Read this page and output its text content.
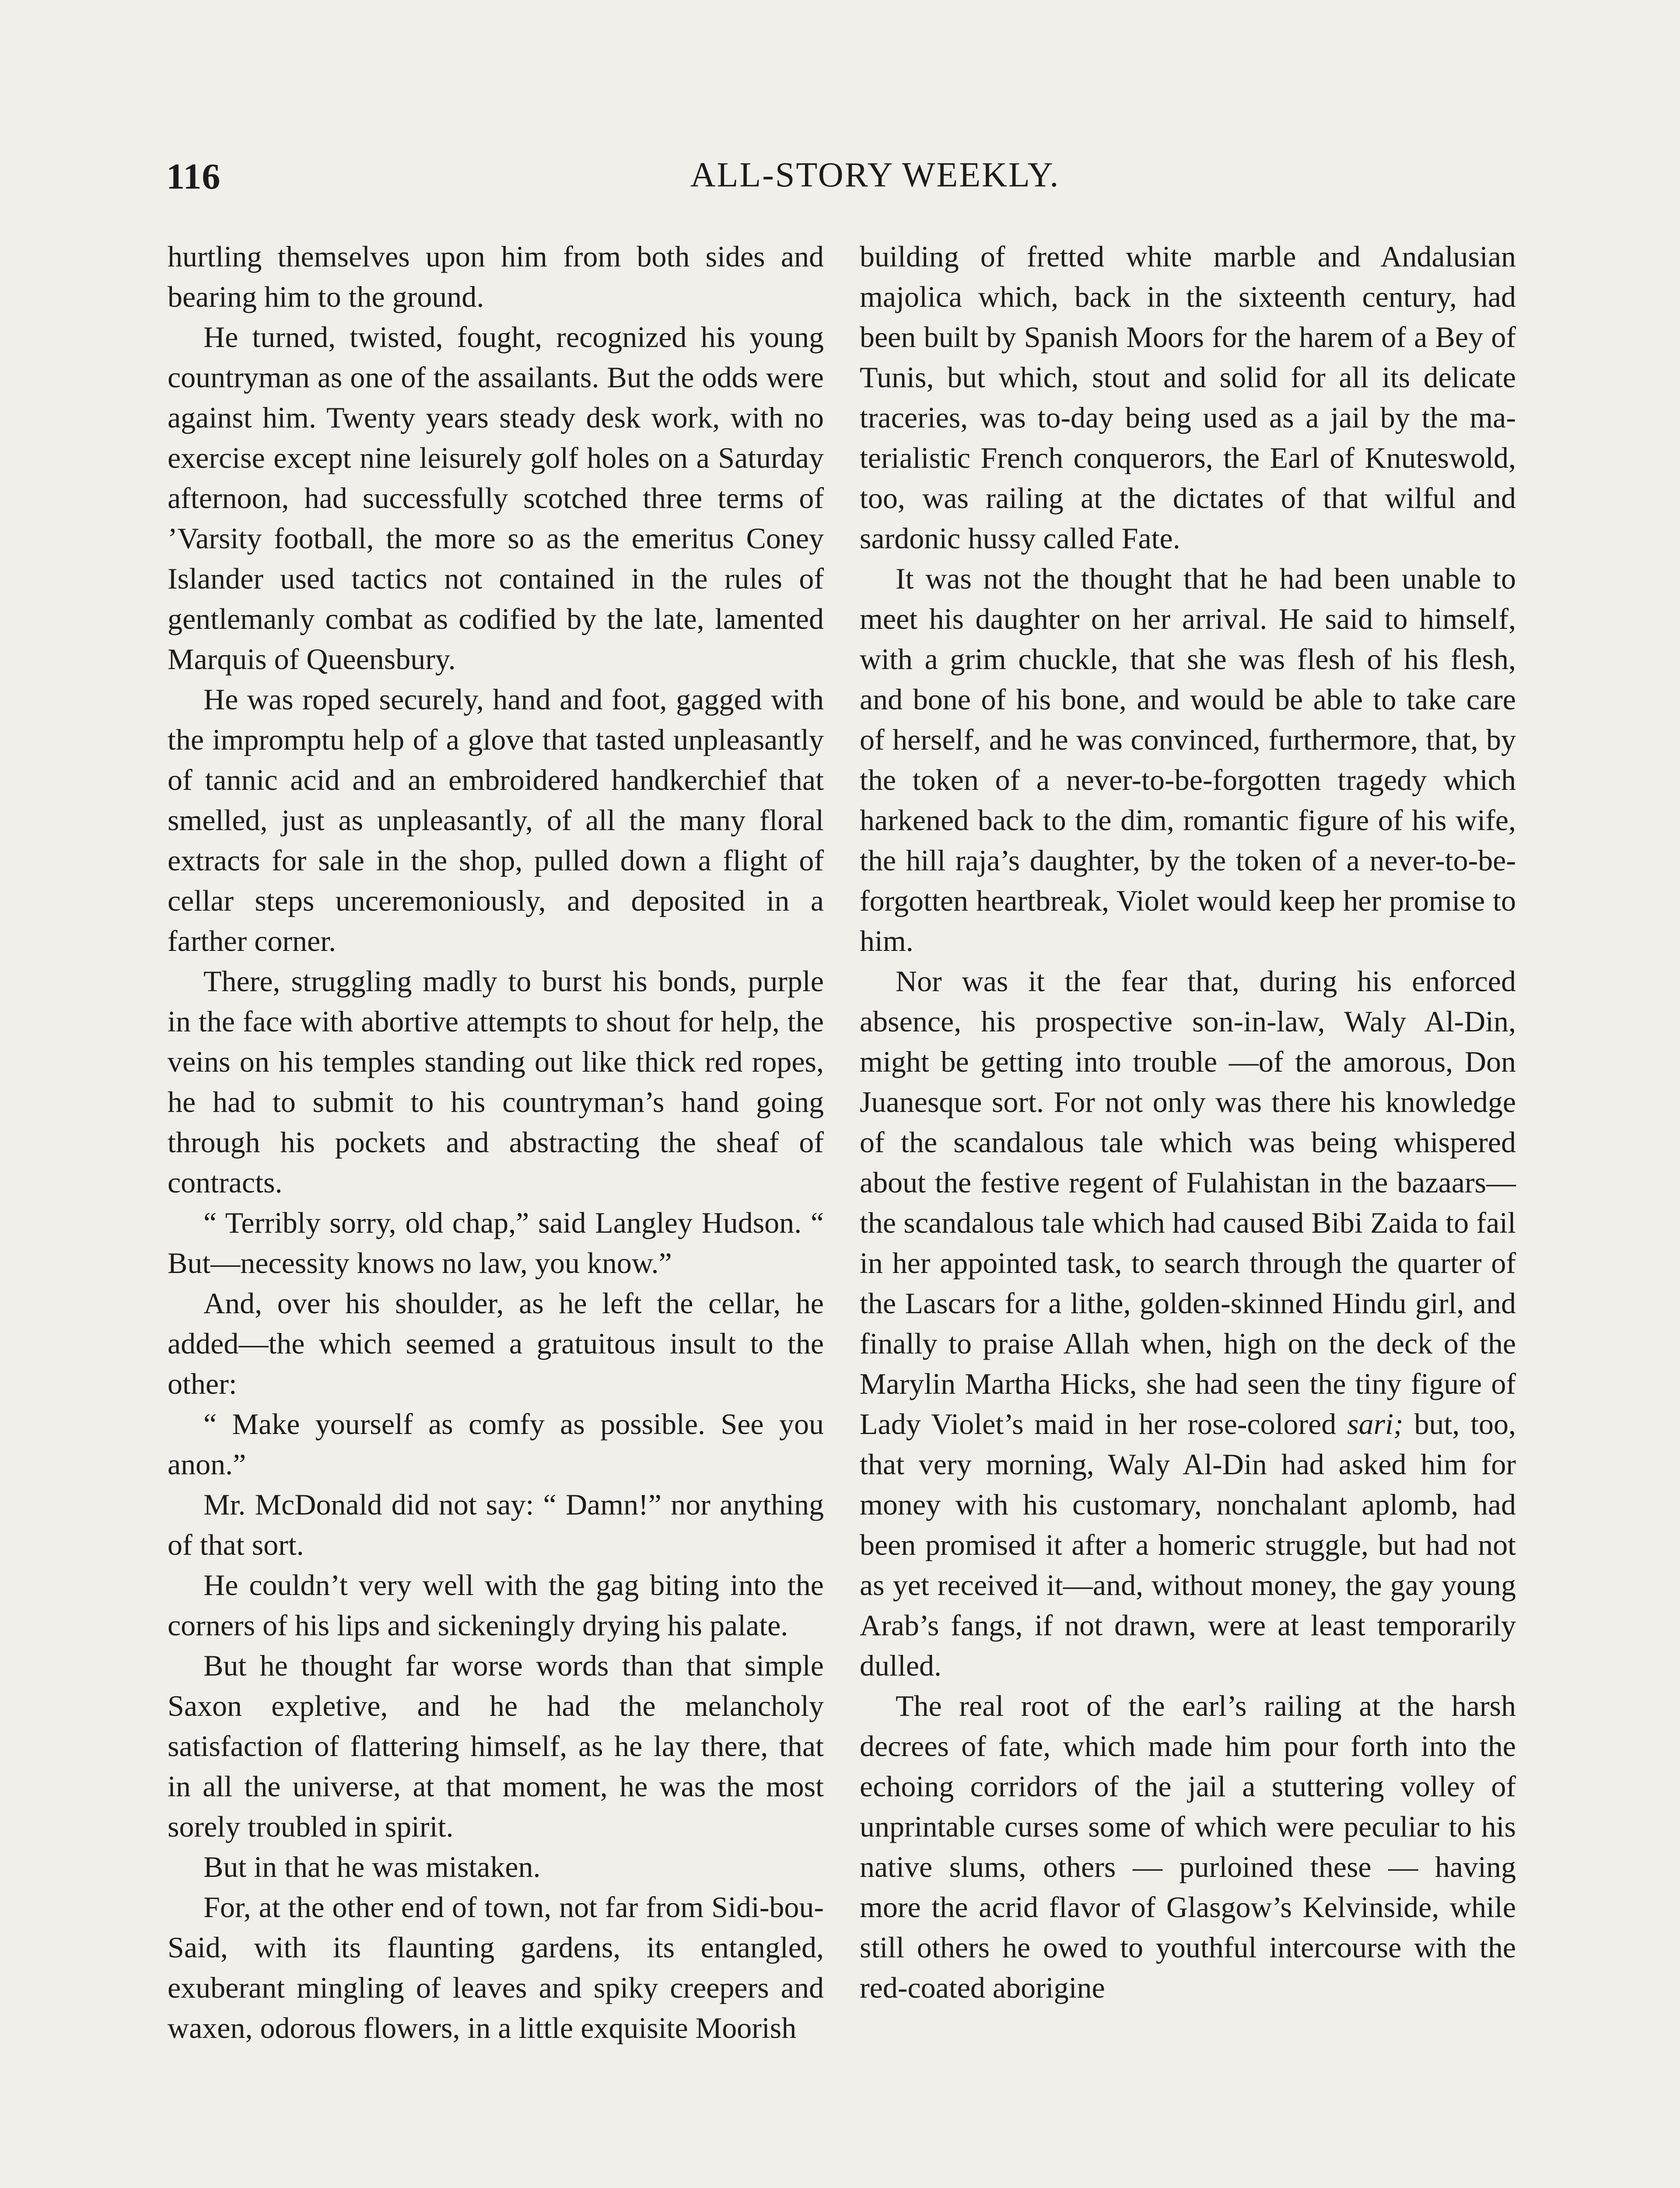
116	ALL-STORY WEEKLY.

hurtling themselves upon him from both sides and bearing him to the ground.

He turned, twisted, fought, recognized his young countryman as one of the assailants. But the odds were against him. Twenty years steady desk work, with no exercise except nine leisurely golf holes on a Saturday afternoon, had successfully scotched three terms of ’Varsity football, the more so as the emeritus Coney Islander used tactics not contained in the rules of gentlemanly combat as codified by the late, lamented Marquis of Queensbury.

He was roped securely, hand and foot, gagged with the impromptu help of a glove that tasted unpleasantly of tannic acid and an embroidered handkerchief that smelled, just as unpleasantly, of all the many floral extracts for sale in the shop, pulled down a flight of cellar steps unceremoniously, and deposited in a farther corner.

There, struggling madly to burst his bonds, purple in the face with abortive attempts to shout for help, the veins on his temples standing out like thick red ropes, he had to submit to his countryman’s hand going through his pockets and abstracting the sheaf of contracts.

“ Terribly sorry, old chap,” said Langley Hudson. “ But—necessity knows no law, you know.”

And, over his shoulder, as he left the cellar, he added—the which seemed a gratuitous insult to the other:

“ Make yourself as comfy as possible. See you anon.”

Mr. McDonald did not say: “ Damn!” nor anything of that sort.

He couldn’t very well with the gag biting into the corners of his lips and sickeningly drying his palate.

But he thought far worse words than that simple Saxon expletive, and he had the melancholy satisfaction of flattering himself, as he lay there, that in all the universe, at that moment, he was the most sorely troubled in spirit.

But in that he was mistaken.

For, at the other end of town, not far from Sidi-bou-Said, with its flaunting gardens, its entangled, exuberant mingling of leaves and spiky creepers and waxen, odorous flowers, in a little exquisite Moorish

building of fretted white marble and Andalusian majolica which, back in the sixteenth century, had been built by Spanish Moors for the harem of a Bey of Tunis, but which, stout and solid for all its delicate traceries, was to-day being used as a jail by the materialistic French conquerors, the Earl of Knuteswold, too, was railing at the dictates of that wilful and sardonic hussy called Fate.

It was not the thought that he had been unable to meet his daughter on her arrival. He said to himself, with a grim chuckle, that she was flesh of his flesh, and bone of his bone, and would be able to take care of herself, and he was convinced, furthermore, that, by the token of a never-to-be-forgotten tragedy which harkened back to the dim, romantic figure of his wife, the hill raja’s daughter, by the token of a never-to-be-forgotten heartbreak, Violet would keep her promise to him.

Nor was it the fear that, during his enforced absence, his prospective son-in-law, Waly Al-Din, might be getting into trouble —of the amorous, Don Juanesque sort. For not only was there his knowledge of the scandalous tale which was being whispered about the festive regent of Fulahistan in the bazaars—the scandalous tale which had caused Bibi Zaida to fail in her appointed task, to search through the quarter of the Lascars for a lithe, golden-skinned Hindu girl, and finally to praise Allah when, high on the deck of the Marylin Martha Hicks, she had seen the tiny figure of Lady Violet’s maid in her rose-colored sari; but, too, that very morning, Waly Al-Din had asked him for money with his customary, nonchalant aplomb, had been promised it after a homeric struggle, but had not as yet received it—and, without money, the gay young Arab’s fangs, if not drawn, were at least temporarily dulled.

The real root of the earl’s railing at the harsh decrees of fate, which made him pour forth into the echoing corridors of the jail a stuttering volley of unprintable curses some of which were peculiar to his native slums, others — purloined these — having more the acrid flavor of Glasgow’s Kelvinside, while still others he owed to youthful intercourse with the red-coated aborigine
